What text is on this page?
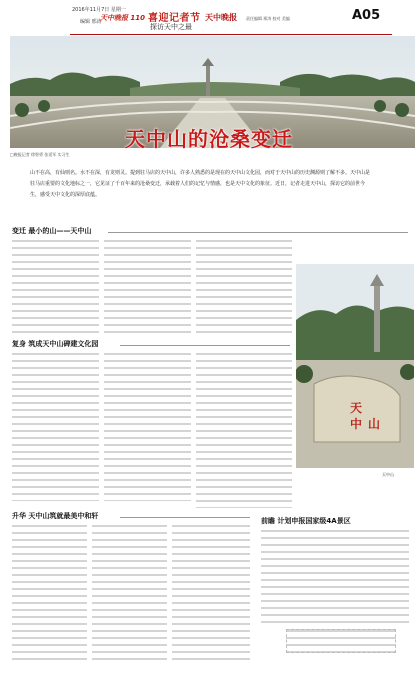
2016年11月7日 星期一
编辑 邢涛
天中晚报 110 喜迎记者节
探访天中之最
天中晚报 责任编辑 邢涛 校对 美编	A05
天中山的沧桑变迁
□晚报记者 徐智勇 张延军 实习生
山不在高，有仙则名。水不在深，有龙则灵。提到驻马店的天中山，许多人熟悉的是现在的天中山文化园，而对于天中山的历史渊源则了解不多。天中山是驻马店重要的文化地标之一，它见证了千百年来的沧桑变迁，承载着人们的记忆与情感，也是天中文化的象征。近日，记者走进天中山，探访它的前世今生，感受天中文化的深厚底蕴。
变迁 最小的山——天中山
复身 筑成天中山碑建文化园
天
中 山
天中山
升华 天中山筑就最美中和轩
前瞻 计划申报国家级4A景区
